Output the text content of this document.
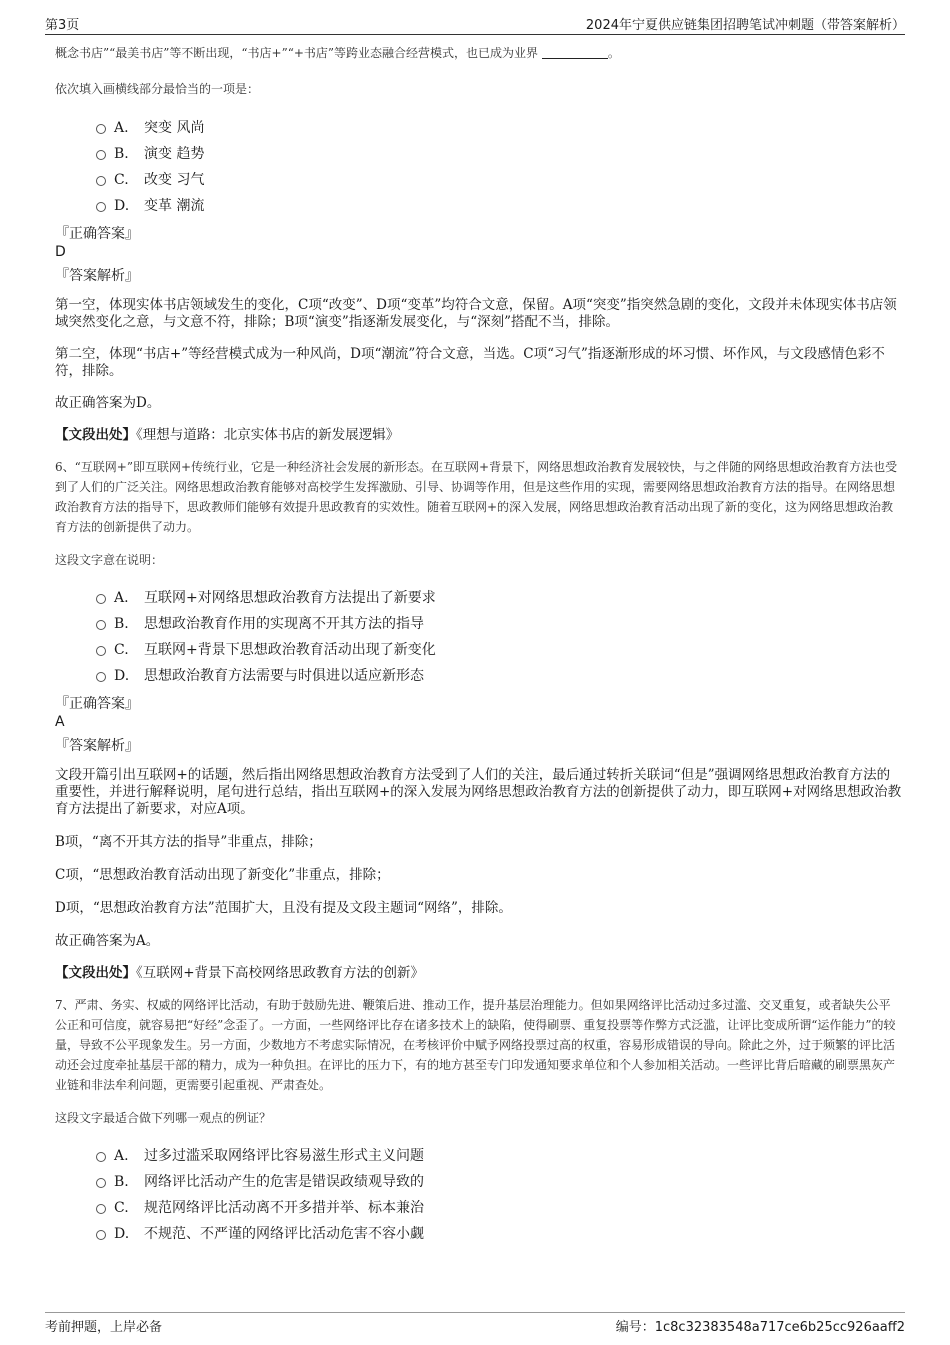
第3页	2024年宁夏供应链集团招聘笔试冲刺题（带答案解析）

概念书店”“最美书店”等不断出现，“书店+”“+书店”等跨业态融合经营模式，也已成为业界	。

依次填入画横线部分最恰当的一项是：

A . 突变 风尚
B . 演变 趋势
C . 改变 习气
D . 变革 潮流

『正确答案』

D

『答案解析』

第一空，体现实体书店领域发生的变化，C项“改变”、D项“变革”均符合文意，保留。A项“突变”指突然急剧的变化，文段并未体现实体书店领域突然变化之意，与文意不符，排除；B项“演变”指逐渐发展变化，与“深刻”搭配不当，排除。

第二空，体现“书店+”等经营模式成为一种风尚，D项“潮流”符合文意，当选。C项“习气”指逐渐形成的坏习惯、坏作风，与文段感情色彩不符，排除。

故正确答案为D。

【文段出处】《理想与道路：北京实体书店的新发展逻辑》

6、“互联网+”即互联网+传统行业，它是一种经济社会发展的新形态。在互联网+背景下，网络思想政治教育发展较快，与之伴随的网络思想政治教育方法也受到了人们的广泛关注。网络思想政治教育能够对高校学生发挥激励、引导、协调等作用，但是这些作用的实现，需要网络思想政治教育方法的指导。在网络思想政治教育方法的指导下，思政教师们能够有效提升思政教育的实效性。随着互联网+的深入发展，网络思想政治教育活动出现了新的变化，这为网络思想政治教育方法的创新提供了动力。

这段文字意在说明：

A . 互联网+对网络思想政治教育方法提出了新要求
B . 思想政治教育作用的实现离不开其方法的指导
C . 互联网+背景下思想政治教育活动出现了新变化
D . 思想政治教育方法需要与时俱进以适应新形态

『正确答案』

A

『答案解析』

文段开篇引出互联网+的话题，然后指出网络思想政治教育方法受到了人们的关注，最后通过转折关联词“但是”强调网络思想政治教育方法的重要性，并进行解释说明，尾句进行总结，指出互联网+的深入发展为网络思想政治教育方法的创新提供了动力，即互联网+对网络思想政治教育方法提出了新要求，对应A项。

B项，“离不开其方法的指导”非重点，排除；

C项，“思想政治教育活动出现了新变化”非重点，排除；

D项，“思想政治教育方法”范围扩大，且没有提及文段主题词“网络”，排除。

故正确答案为A。

【文段出处】《互联网+背景下高校网络思政教育方法的创新》

7、严肃、务实、权威的网络评比活动，有助于鼓励先进、鞭策后进、推动工作，提升基层治理能力。但如果网络评比活动过多过滥、交叉重复，或者缺失公平公正和可信度，就容易把“好经”念歪了。一方面，一些网络评比存在诸多技术上的缺陷，使得刷票、重复投票等作弊方式泛滥，让评比变成所谓“运作能力”的较量，导致不公平现象发生。另一方面，少数地方不考虑实际情况，在考核评价中赋予网络投票过高的权重，容易形成错误的导向。除此之外，过于频繁的评比活动还会过度牵扯基层干部的精力，成为一种负担。在评比的压力下，有的地方甚至专门印发通知要求单位和个人参加相关活动。一些评比背后暗藏的刷票黑灰产业链和非法牟利问题，更需要引起重视、严肃查处。

这段文字最适合做下列哪一观点的例证？

A . 过多过滥采取网络评比容易滋生形式主义问题
B . 网络评比活动产生的危害是错误政绩观导致的
C . 规范网络评比活动离不开多措并举、标本兼治
D . 不规范、不严谨的网络评比活动危害不容小觑
考前押题，上岸必备	编号：1c8c32383548a717ce6b25cc926aaff2
